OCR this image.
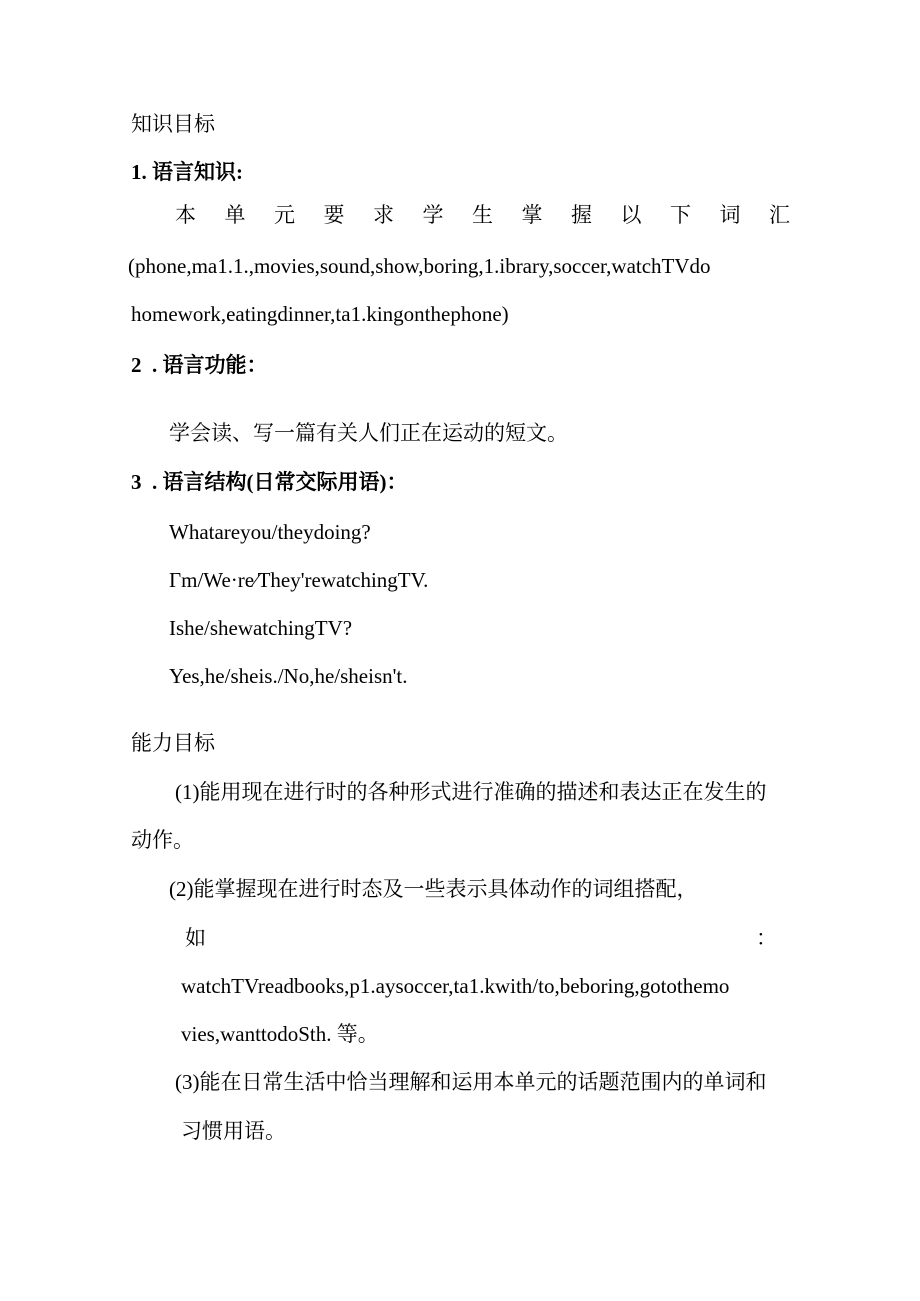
知识目标
1. 语言知识:
本 单 元 要 求 学 生 掌 握 以 下 词 汇
(phone,ma1.1.,movies,sound,show,boring,1.ibrary,soccer,watchTVdo
homework,eatingdinner,ta1.kingonthephone)
2  . 语言功能：
学会读、写一篇有关人们正在运动的短文。
3  . 语言结构(日常交际用语)：
Whatareyou/theydoing?
Γm/We·re∕They'rewatchingTV.
Ishe/shewatchingTV?
Yes,he/sheis./No,he/sheisn't.
能力目标
(1)能用现在进行时的各种形式进行准确的描述和表达正在发生的
动作。
(2)能掌握现在进行时态及一些表示具体动作的词组搭配，
如	：
watchTVreadbooks,p1.aysoccer,ta1.kwith/to,beboring,gotothemo
vies,wanttodoSth. 等。
(3)能在日常生活中恰当理解和运用本单元的话题范围内的单词和
习惯用语。
